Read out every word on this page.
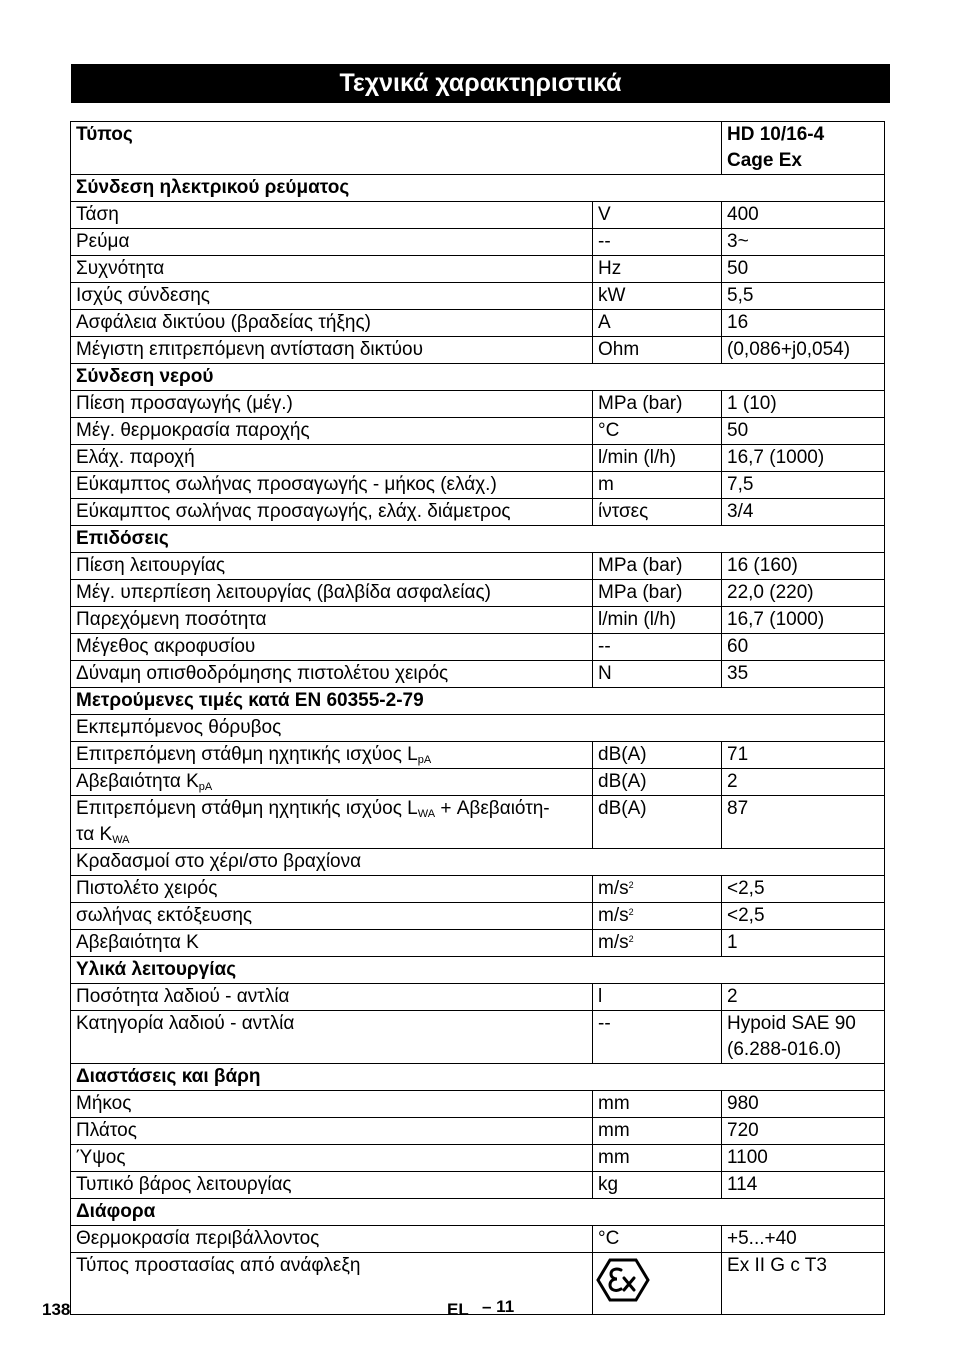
Τεχνικά χαρακτηριστικά
Τύπος		HD 10/16-4
Cage Ex
Σύνδεση ηλεκτρικού ρεύματος		
Τάση	V	400
Ρεύμα	--	3~
Συχνότητα	Hz	50
Ισχύς σύνδεσης	kW	5,5
Ασφάλεια δικτύου (βραδείας τήξης)	A	16
Μέγιστη επιτρεπόμενη αντίσταση δικτύου	Ohm	(0,086+j0,054)
Σύνδεση νερού		
Πίεση προσαγωγής (μέγ.)	MPa (bar)	1 (10)
Μέγ. θερμοκρασία παροχής	°C	50
Ελάχ. παροχή	l/min (l/h)	16,7 (1000)
Εύκαμπτος σωλήνας προσαγωγής - μήκος (ελάχ.)	m	7,5
Εύκαμπτος σωλήνας προσαγωγής, ελάχ. διάμετρος	ίντσες	3/4
Επιδόσεις		
Πίεση λειτουργίας	MPa (bar)	16 (160)
Μέγ. υπερπίεση λειτουργίας (βαλβίδα ασφαλείας)	MPa (bar)	22,0 (220)
Παρεχόμενη ποσότητα	l/min (l/h)	16,7 (1000)
Μέγεθος ακροφυσίου	--	60
Δύναμη οπισθοδρόμησης πιστολέτου χειρός	N	35
Μετρούμενες τιμές κατά EN 60355-2-79		
Εκπεμπόμενος θόρυβος		
Επιτρεπόμενη στάθμη ηχητικής ισχύος $L_{pA}$	dB(A)	71
Αβεβαιότητα $K_{pA}$	dB(A)	2
Επιτρεπόμενη στάθμη ηχητικής ισχύος $L_{WA} + A\beta\varepsilon\beta\alpha\iota ό\tau\eta-$
τα $K_{WA}$	dB(A)	87
Κραδασμοί στο χέρι/στο βραχίονα		
Πιστολέτο χειρός	$m/s^2$	<2,5
σωλήνας εκτόξευσης	$m/s^2$	<2,5
Αβεβαιότητα K	$m/s^2$	1
Υλικά λειτουργίας		
Ποσότητα λαδιού - αντλία	l	2
Κατηγορία λαδιού - αντλία	--	Hypoid SAE 90
(6.288-016.0)
Διαστάσεις και βάρη		
Μήκος	mm	980
Πλάτος	mm	720
Ύψος	mm	1100
Τυπικό βάρος λειτουργίας	kg	114
Διάφορα		
Θερμοκρασία περιβάλλοντος	°C	+5...+40
Τύπος προστασίας από ανάφλεξη		Ex II G c T3
138	EL – 11
